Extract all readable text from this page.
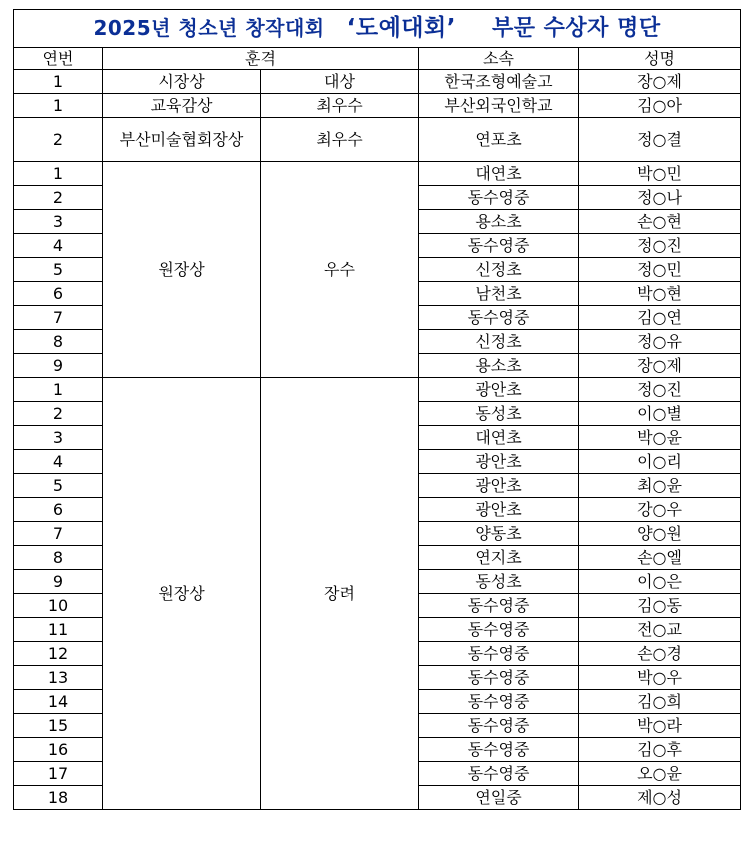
2025년 청소년 창작대회 ‘도예대회’ 부문 수상자 명단				
연번	훈격		소속	성명
1	시장상	대상	한국조형예술고	장○제
1	교육감상	최우수	부산외국인학교	김○아
2	부산미술협회장상	최우수	연포초	정○결
1	원장상	우수	대연초	박○민
2			동수영중	정○나
3			용소초	손○현
4			동수영중	정○진
5			신정초	정○민
6			남천초	박○현
7			동수영중	김○연
8			신정초	정○유
9			용소초	장○제
1	원장상	장려	광안초	정○진
2			동성초	이○별
3			대연초	박○윤
4			광안초	이○리
5			광안초	최○윤
6			광안초	강○우
7			양동초	양○원
8			연지초	손○엘
9			동성초	이○은
10			동수영중	김○동
11			동수영중	전○교
12			동수영중	손○경
13			동수영중	박○우
14			동수영중	김○희
15			동수영중	박○라
16			동수영중	김○후
17			동수영중	오○윤
18			연일중	제○성
